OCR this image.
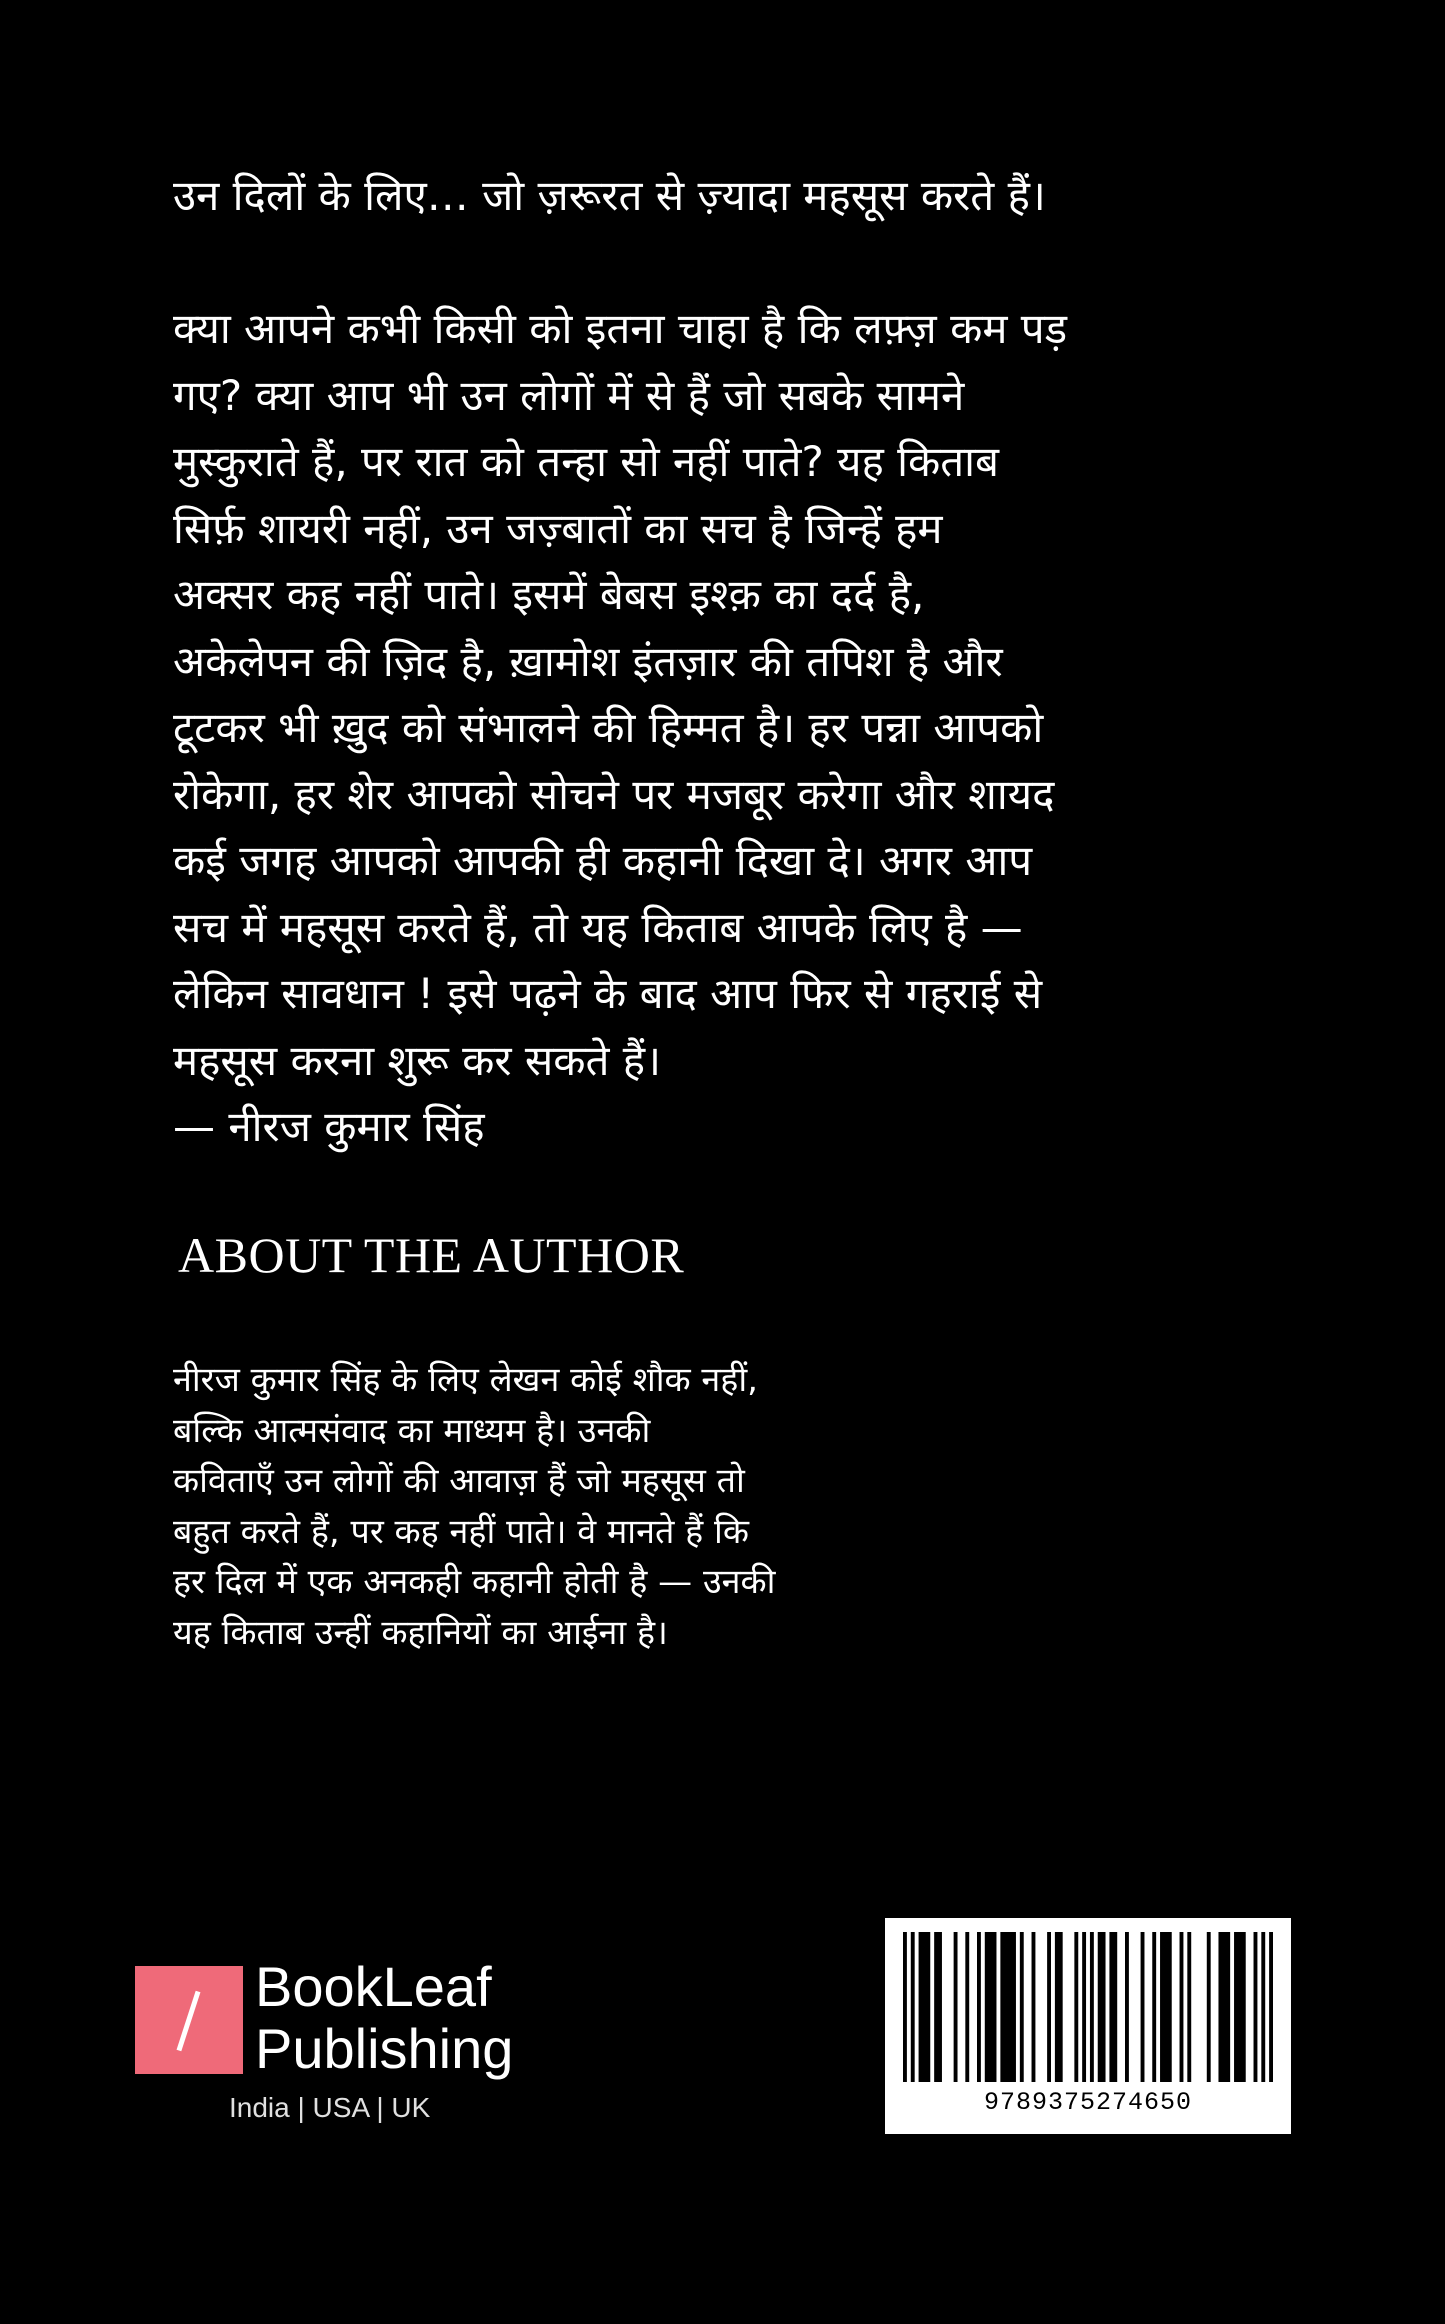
उन दिलों के लिए… जो ज़रूरत से ज़्यादा महसूस करते हैं।
क्या आपने कभी किसी को इतना चाहा है कि लफ़्ज़ कम पड़
गए? क्या आप भी उन लोगों में से हैं जो सबके सामने
मुस्कुराते हैं, पर रात को तन्हा सो नहीं पाते? यह किताब
सिर्फ़ शायरी नहीं, उन जज़्बातों का सच है जिन्हें हम
अक्सर कह नहीं पाते। इसमें बेबस इश्क़ का दर्द है,
अकेलेपन की ज़िद है, ख़ामोश इंतज़ार की तपिश है और
टूटकर भी ख़ुद को संभालने की हिम्मत है। हर पन्ना आपको
रोकेगा, हर शेर आपको सोचने पर मजबूर करेगा और शायद
कई जगह आपको आपकी ही कहानी दिखा दे। अगर आप
सच में महसूस करते हैं, तो यह किताब आपके लिए है —
लेकिन सावधान ! इसे पढ़ने के बाद आप फिर से गहराई से
महसूस करना शुरू कर सकते हैं।
— नीरज कुमार सिंह
ABOUT THE AUTHOR
नीरज कुमार सिंह के लिए लेखन कोई शौक नहीं,
बल्कि आत्मसंवाद का माध्यम है। उनकी
कविताएँ उन लोगों की आवाज़ हैं जो महसूस तो
बहुत करते हैं, पर कह नहीं पाते। वे मानते हैं कि
हर दिल में एक अनकही कहानी होती है — उनकी
यह किताब उन्हीं कहानियों का आईना है।
BookLeaf
Publishing
India | USA | UK	9789375274650
